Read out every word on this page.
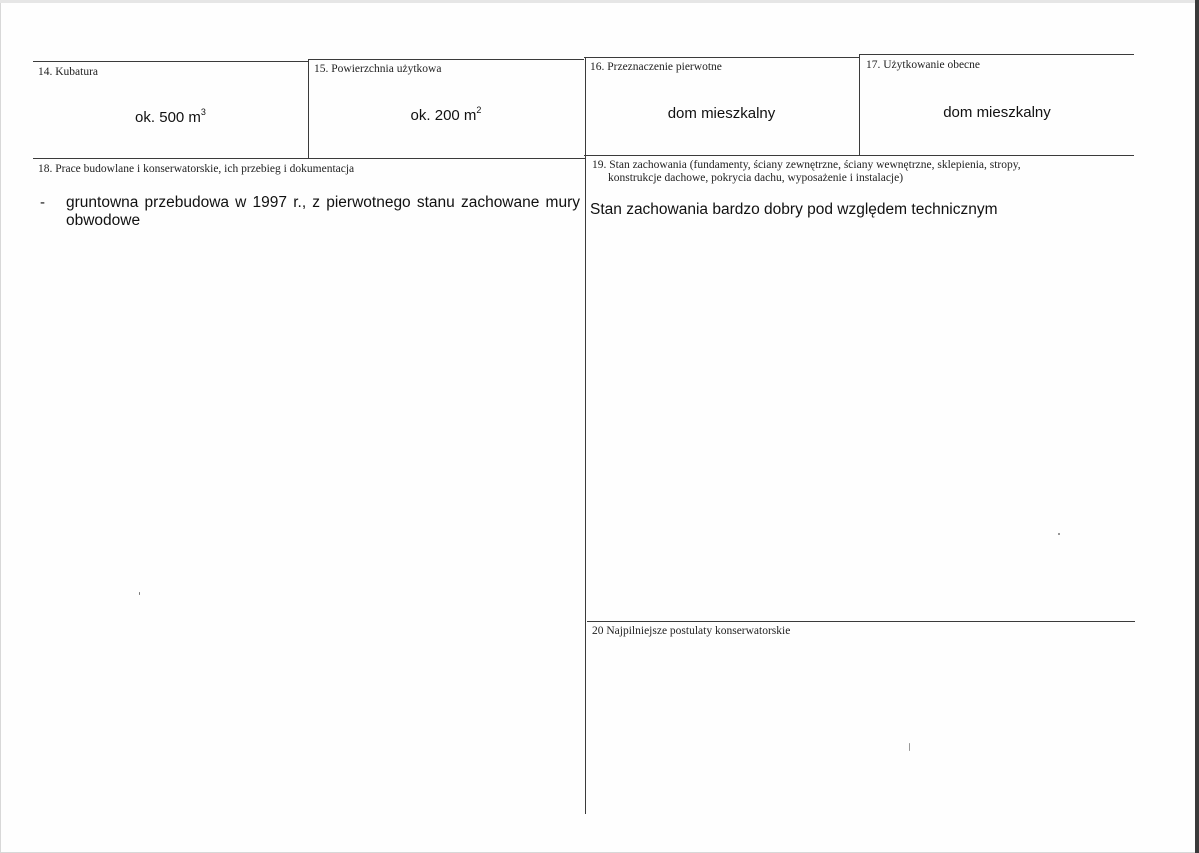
14. Kubatura
ok. 500 $m^3$
15. Powierzchnia użytkowa
ok. 200 $m^2$
16. Przeznaczenie pierwotne
dom mieszkalny
17. Użytkowanie obecne
dom mieszkalny
18. Prace budowlane i konserwatorskie, ich przebieg i dokumentacja
- gruntowna przebudowa w 1997 r., z pierwotnego stanu zachowane mury obwodowe
19. Stan zachowania (fundamenty, ściany zewnętrzne, ściany wewnętrzne, sklepienia, stropy,
konstrukcje dachowe, pokrycia dachu, wyposażenie i instalacje)
Stan zachowania bardzo dobry pod względem technicznym
20 Najpilniejsze postulaty konserwatorskie
